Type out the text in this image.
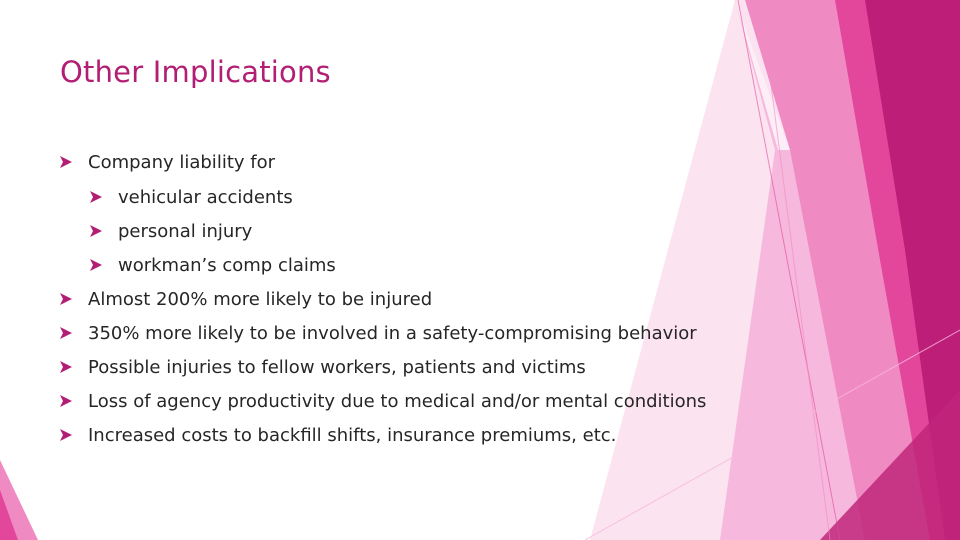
Other Implications
Company liability for
vehicular accidents
personal injury
workman’s comp claims
Almost 200% more likely to be injured
350% more likely to be involved in a safety-compromising behavior
Possible injuries to fellow workers, patients and victims
Loss of agency productivity due to medical and/or mental conditions
Increased costs to backfill shifts, insurance premiums, etc.
